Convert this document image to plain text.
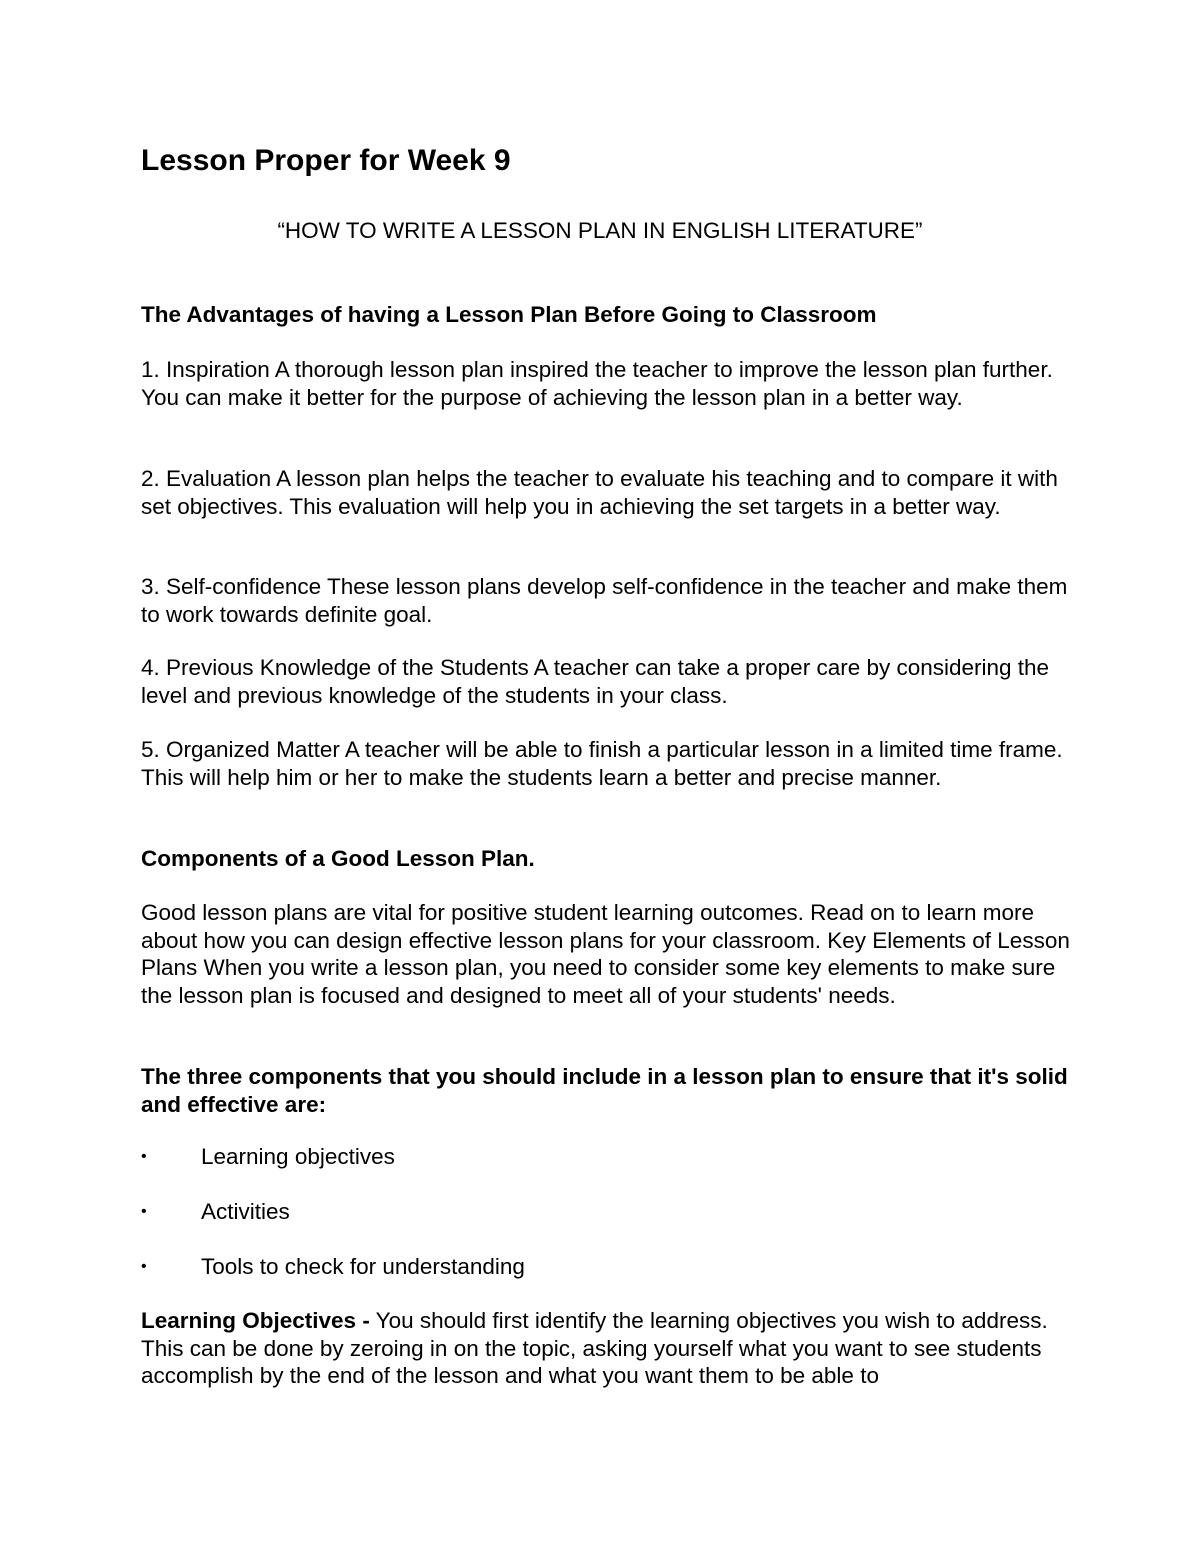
Lesson Proper for Week 9
“HOW TO WRITE A LESSON PLAN IN ENGLISH LITERATURE”
The Advantages of having a Lesson Plan Before Going to Classroom
1. Inspiration A thorough lesson plan inspired the teacher to improve the lesson plan further. You can make it better for the purpose of achieving the lesson plan in a better way.
2. Evaluation A lesson plan helps the teacher to evaluate his teaching and to compare it with set objectives. This evaluation will help you in achieving the set targets in a better way.
3. Self-confidence These lesson plans develop self-confidence in the teacher and make them to work towards definite goal.
4. Previous Knowledge of the Students A teacher can take a proper care by considering the level and previous knowledge of the students in your class.
5. Organized Matter A teacher will be able to finish a particular lesson in a limited time frame. This will help him or her to make the students learn a better and precise manner.
Components of a Good Lesson Plan.
Good lesson plans are vital for positive student learning outcomes. Read on to learn more about how you can design effective lesson plans for your classroom. Key Elements of Lesson Plans When you write a lesson plan, you need to consider some key elements to make sure the lesson plan is focused and designed to meet all of your students' needs.
The three components that you should include in a lesson plan to ensure that it's solid and effective are:
• Learning objectives
• Activities
• Tools to check for understanding
Learning Objectives - You should first identify the learning objectives you wish to address. This can be done by zeroing in on the topic, asking yourself what you want to see students accomplish by the end of the lesson and what you want them to be able to
